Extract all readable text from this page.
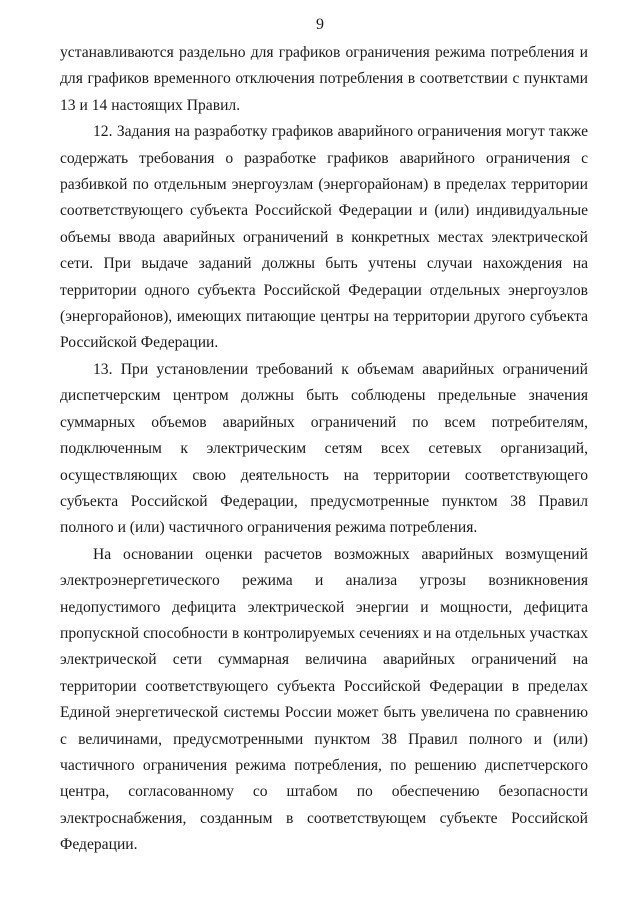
9

устанавливаются раздельно для графиков ограничения режима потребления и для графиков временного отключения потребления в соответствии с пунктами 13 и 14 настоящих Правил.

12. Задания на разработку графиков аварийного ограничения могут также содержать требования о разработке графиков аварийного ограничения с разбивкой по отдельным энергоузлам (энергорайонам) в пределах территории соответствующего субъекта Российской Федерации и (или) индивидуальные объемы ввода аварийных ограничений в конкретных местах электрической сети. При выдаче заданий должны быть учтены случаи нахождения на территории одного субъекта Российской Федерации отдельных энергоузлов (энергорайонов), имеющих питающие центры на территории другого субъекта Российской Федерации.

13. При установлении требований к объемам аварийных ограничений диспетчерским центром должны быть соблюдены предельные значения суммарных объемов аварийных ограничений по всем потребителям, подключенным к электрическим сетям всех сетевых организаций, осуществляющих свою деятельность на территории соответствующего субъекта Российской Федерации, предусмотренные пунктом 38 Правил полного и (или) частичного ограничения режима потребления.

На основании оценки расчетов возможных аварийных возмущений электроэнергетического режима и анализа угрозы возникновения недопустимого дефицита электрической энергии и мощности, дефицита пропускной способности в контролируемых сечениях и на отдельных участках электрической сети суммарная величина аварийных ограничений на территории соответствующего субъекта Российской Федерации в пределах Единой энергетической системы России может быть увеличена по сравнению с величинами, предусмотренными пунктом 38 Правил полного и (или) частичного ограничения режима потребления, по решению диспетчерского центра, согласованному со штабом по обеспечению безопасности электроснабжения, созданным в соответствующем субъекте Российской Федерации.
